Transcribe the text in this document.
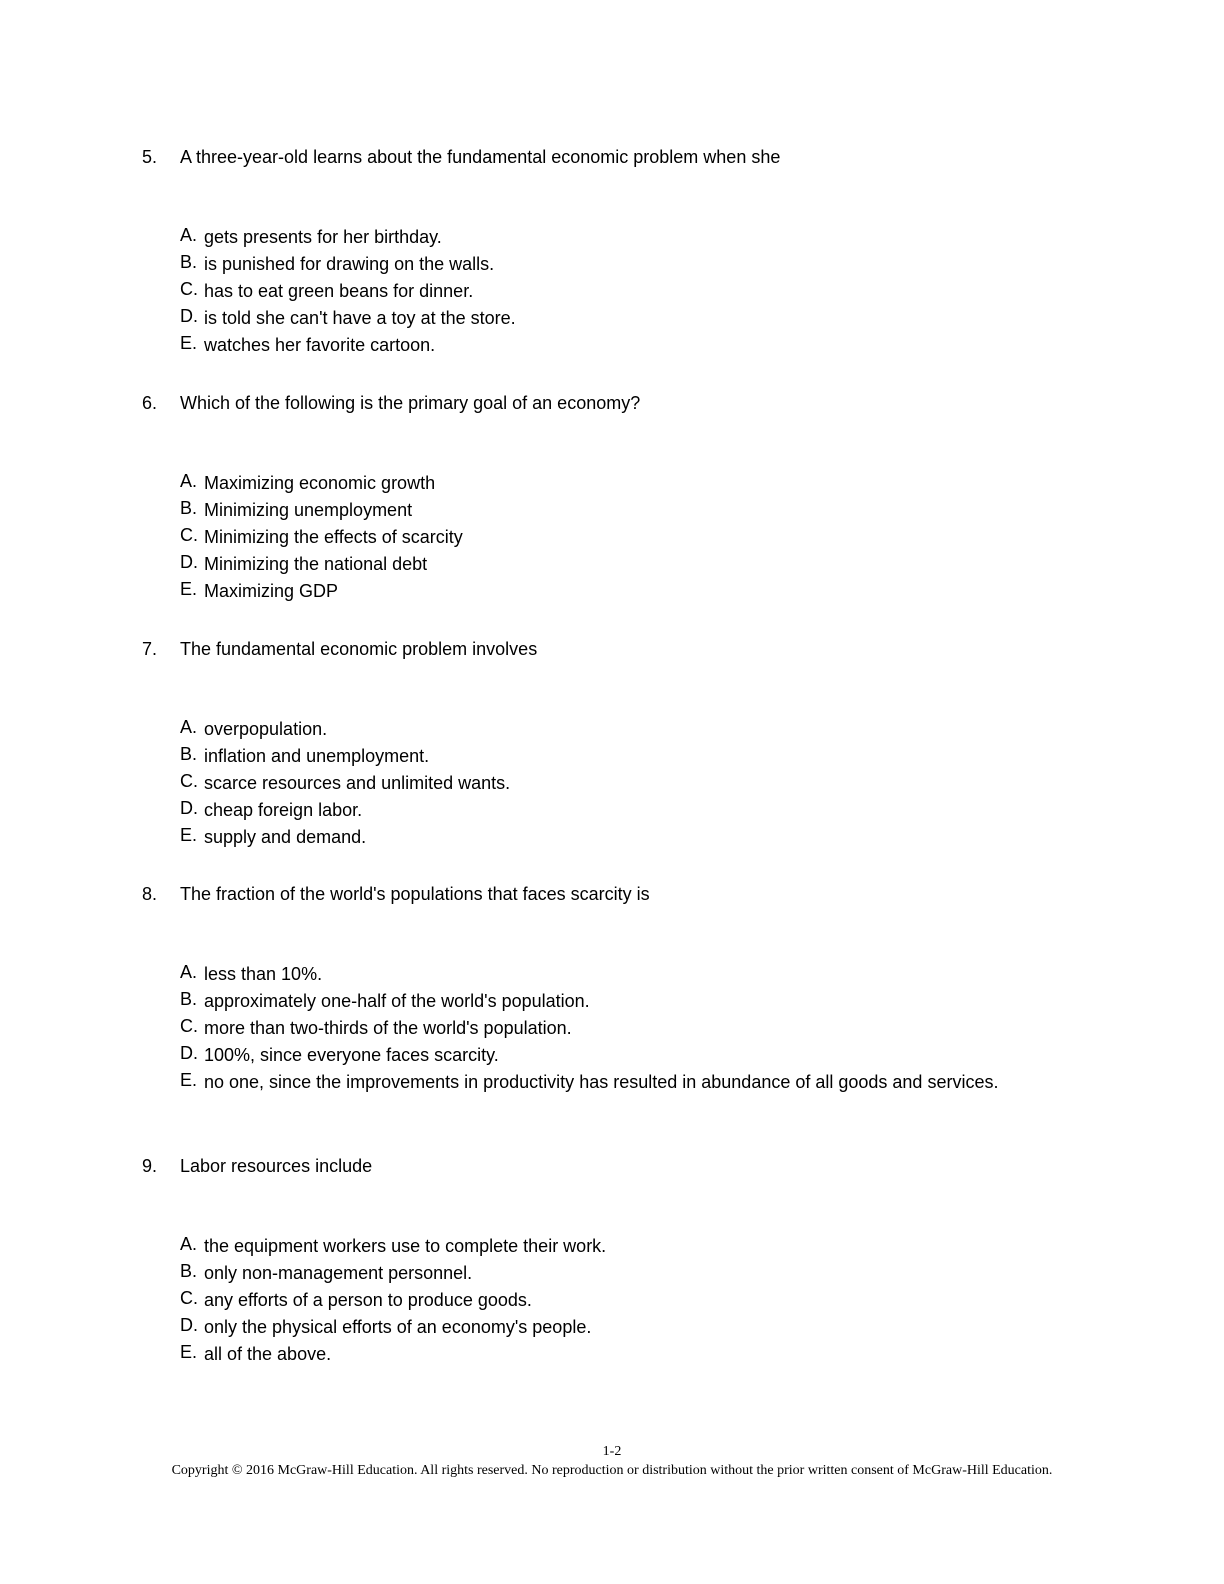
5. A three-year-old learns about the fundamental economic problem when she
A. gets presents for her birthday.
B. is punished for drawing on the walls.
C. has to eat green beans for dinner.
D. is told she can't have a toy at the store.
E. watches her favorite cartoon.
6. Which of the following is the primary goal of an economy?
A. Maximizing economic growth
B. Minimizing unemployment
C. Minimizing the effects of scarcity
D. Minimizing the national debt
E. Maximizing GDP
7. The fundamental economic problem involves
A. overpopulation.
B. inflation and unemployment.
C. scarce resources and unlimited wants.
D. cheap foreign labor.
E. supply and demand.
8. The fraction of the world's populations that faces scarcity is
A. less than 10%.
B. approximately one-half of the world's population.
C. more than two-thirds of the world's population.
D. 100%, since everyone faces scarcity.
E. no one, since the improvements in productivity has resulted in abundance of all goods and services.
9. Labor resources include
A. the equipment workers use to complete their work.
B. only non-management personnel.
C. any efforts of a person to produce goods.
D. only the physical efforts of an economy's people.
E. all of the above.
1-2
Copyright © 2016 McGraw-Hill Education. All rights reserved. No reproduction or distribution without the prior written consent of McGraw-Hill Education.
